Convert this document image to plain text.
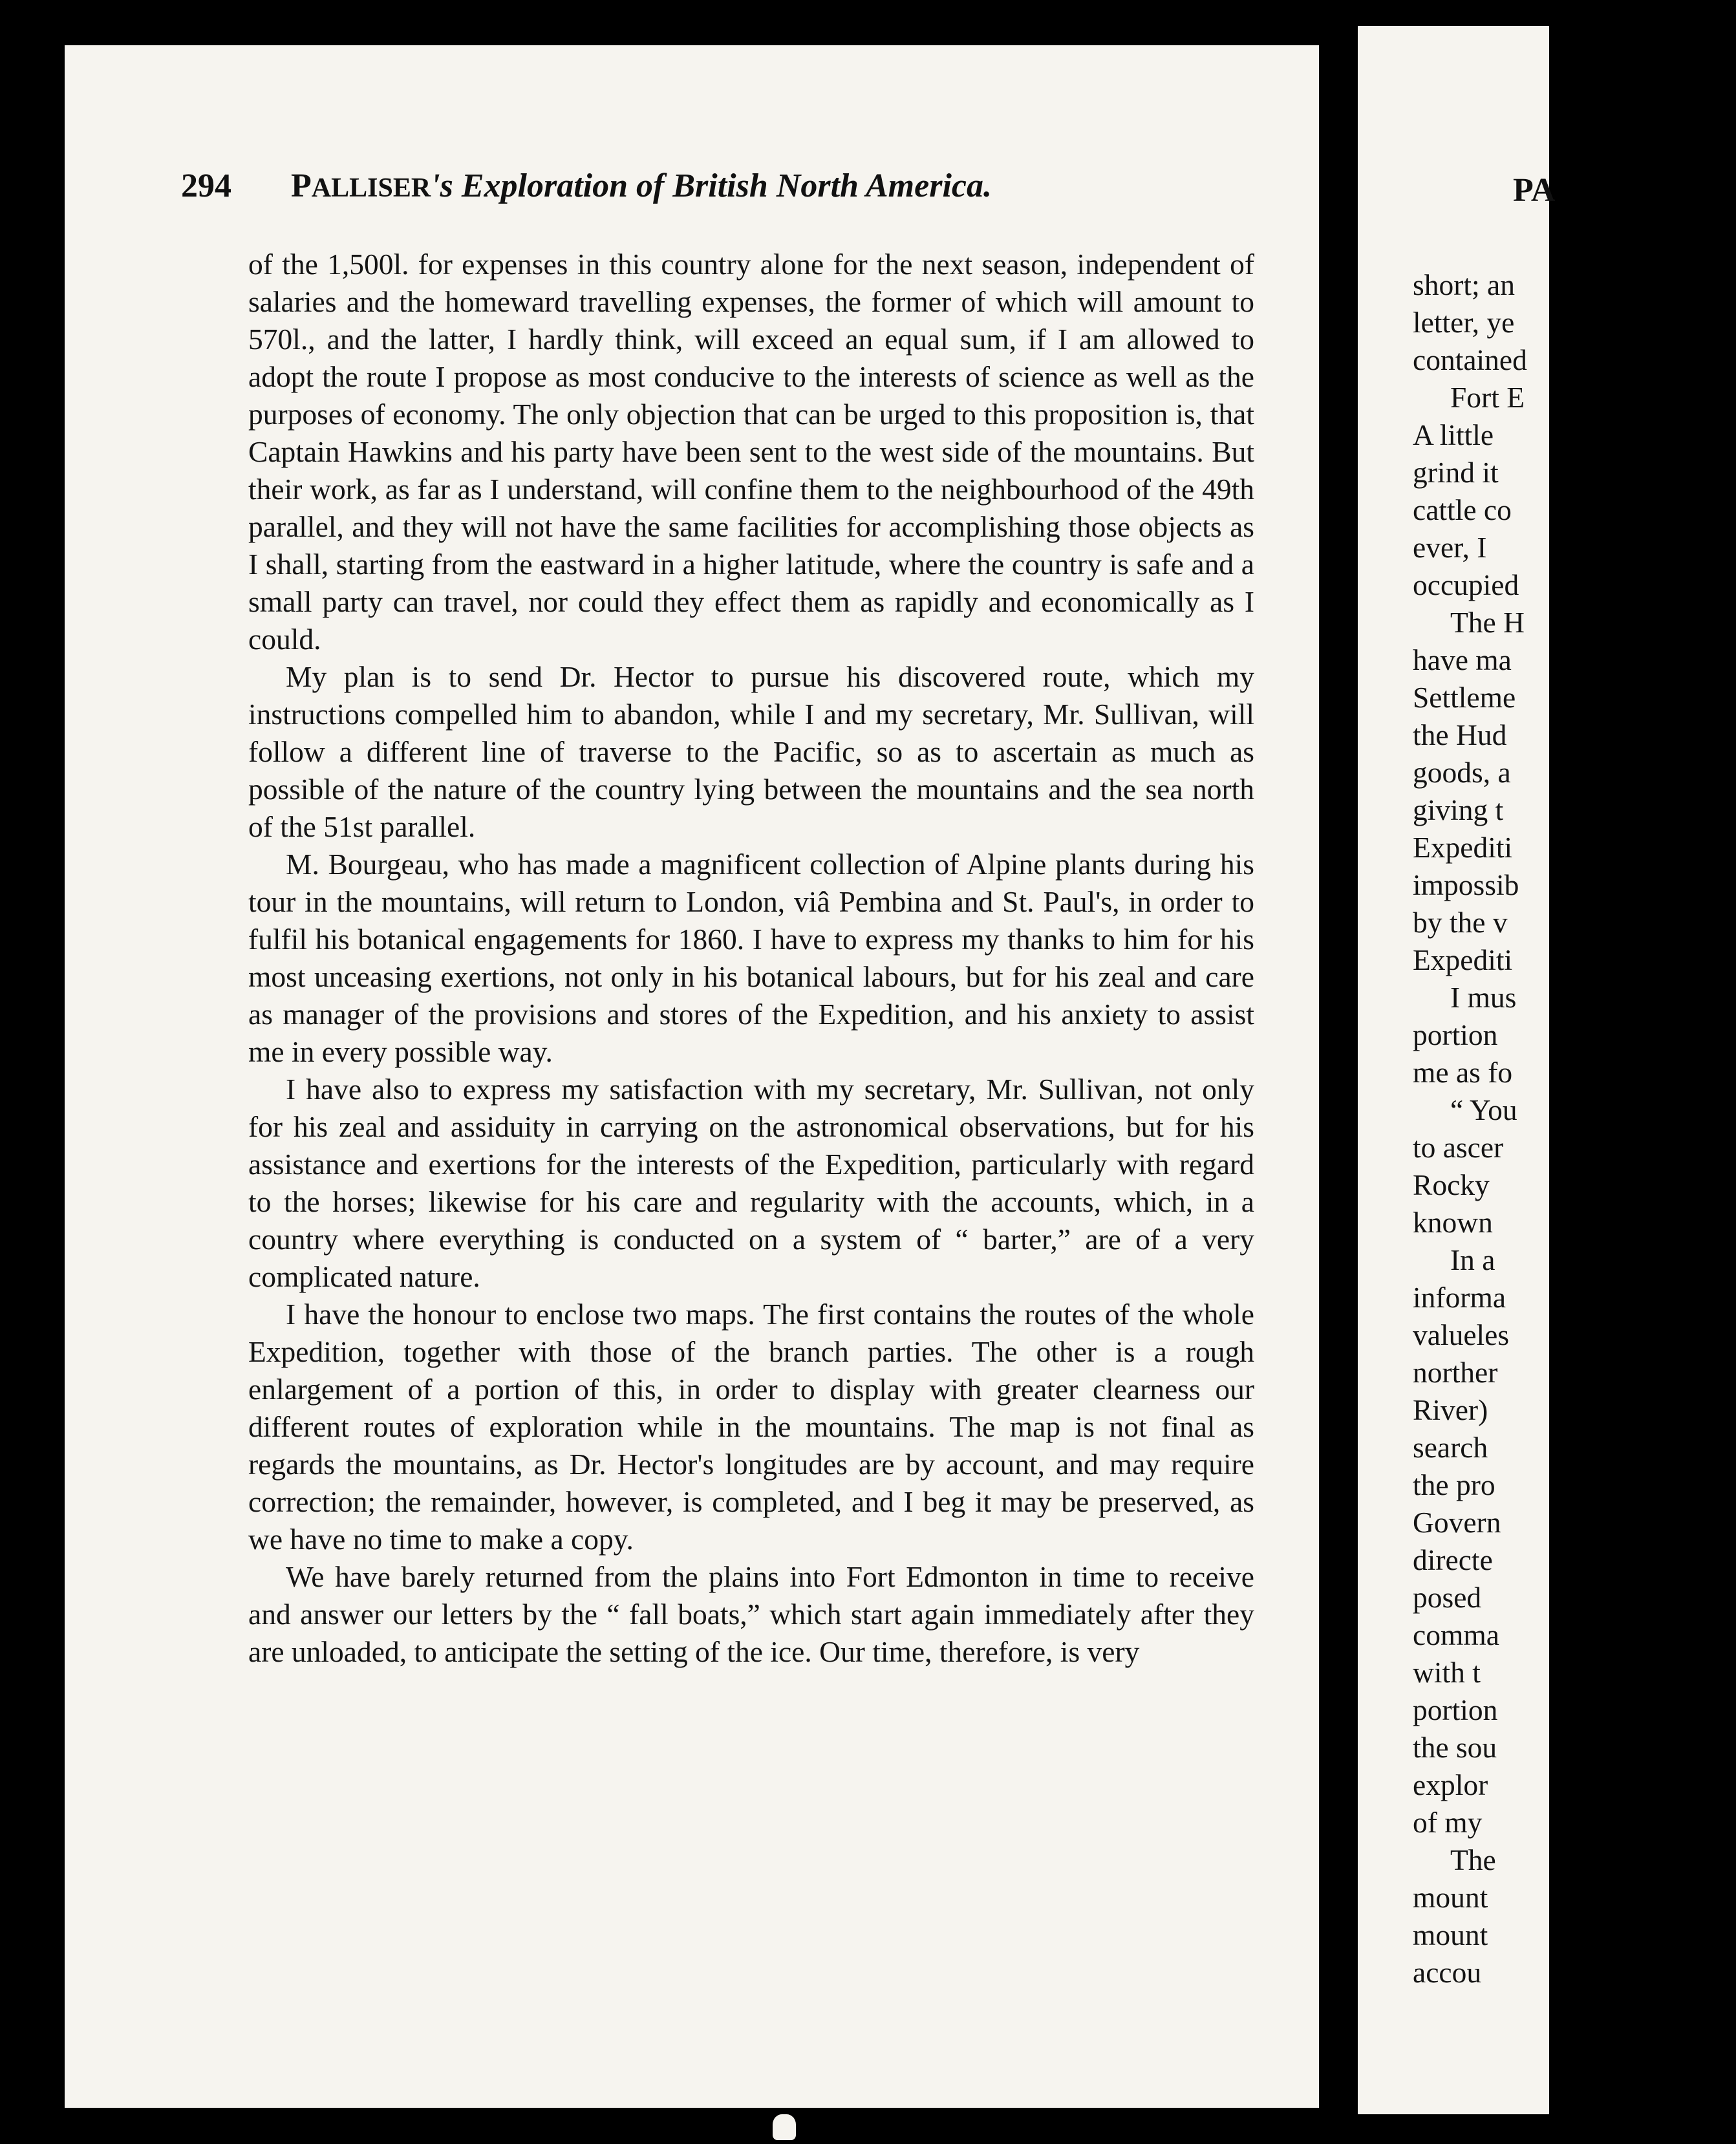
294 PALLISER's Exploration of British North America.

of the 1,500l. for expenses in this country alone for the next season, independent of salaries and the homeward travelling expenses, the former of which will amount to 570l., and the latter, I hardly think, will exceed an equal sum, if I am allowed to adopt the route I propose as most conducive to the interests of science as well as the purposes of economy. The only objection that can be urged to this proposition is, that Captain Hawkins and his party have been sent to the west side of the mountains. But their work, as far as I understand, will confine them to the neighbourhood of the 49th parallel, and they will not have the same facilities for accomplishing those objects as I shall, starting from the eastward in a higher latitude, where the country is safe and a small party can travel, nor could they effect them as rapidly and economically as I could.

My plan is to send Dr. Hector to pursue his discovered route, which my instructions compelled him to abandon, while I and my secretary, Mr. Sullivan, will follow a different line of traverse to the Pacific, so as to ascertain as much as possible of the nature of the country lying between the mountains and the sea north of the 51st parallel.

M. Bourgeau, who has made a magnificent collection of Alpine plants during his tour in the mountains, will return to London, viâ Pembina and St. Paul's, in order to fulfil his botanical engagements for 1860. I have to express my thanks to him for his most unceasing exertions, not only in his botanical labours, but for his zeal and care as manager of the provisions and stores of the Expedition, and his anxiety to assist me in every possible way.

I have also to express my satisfaction with my secretary, Mr. Sullivan, not only for his zeal and assiduity in carrying on the astronomical observations, but for his assistance and exertions for the interests of the Expedition, particularly with regard to the horses; likewise for his care and regularity with the accounts, which, in a country where everything is conducted on a system of “ barter,” are of a very complicated nature.

I have the honour to enclose two maps. The first contains the routes of the whole Expedition, together with those of the branch parties. The other is a rough enlargement of a portion of this, in order to display with greater clearness our different routes of exploration while in the mountains. The map is not final as regards the mountains, as Dr. Hector's longitudes are by account, and may require correction; the remainder, however, is completed, and I beg it may be preserved, as we have no time to make a copy.

We have barely returned from the plains into Fort Edmonton in time to receive and answer our letters by the “ fall boats,” which start again immediately after they are unloaded, to anticipate the setting of the ice. Our time, therefore, is very

PA
short; an
letter, ye
contained
Fort E
A little
grind it
cattle co
ever, I
occupied
The H
have ma
Settleme
the Hud
goods, a
giving t
Expediti
impossib
by the v
Expediti
I mus
portion
me as fo
“ You
to ascer
Rocky
known
In a
informa
valueles
norther
River)
search
the pro
Govern
directe
posed
comma
with t
portion
the sou
explor
of my
The
mount
mount
accou
